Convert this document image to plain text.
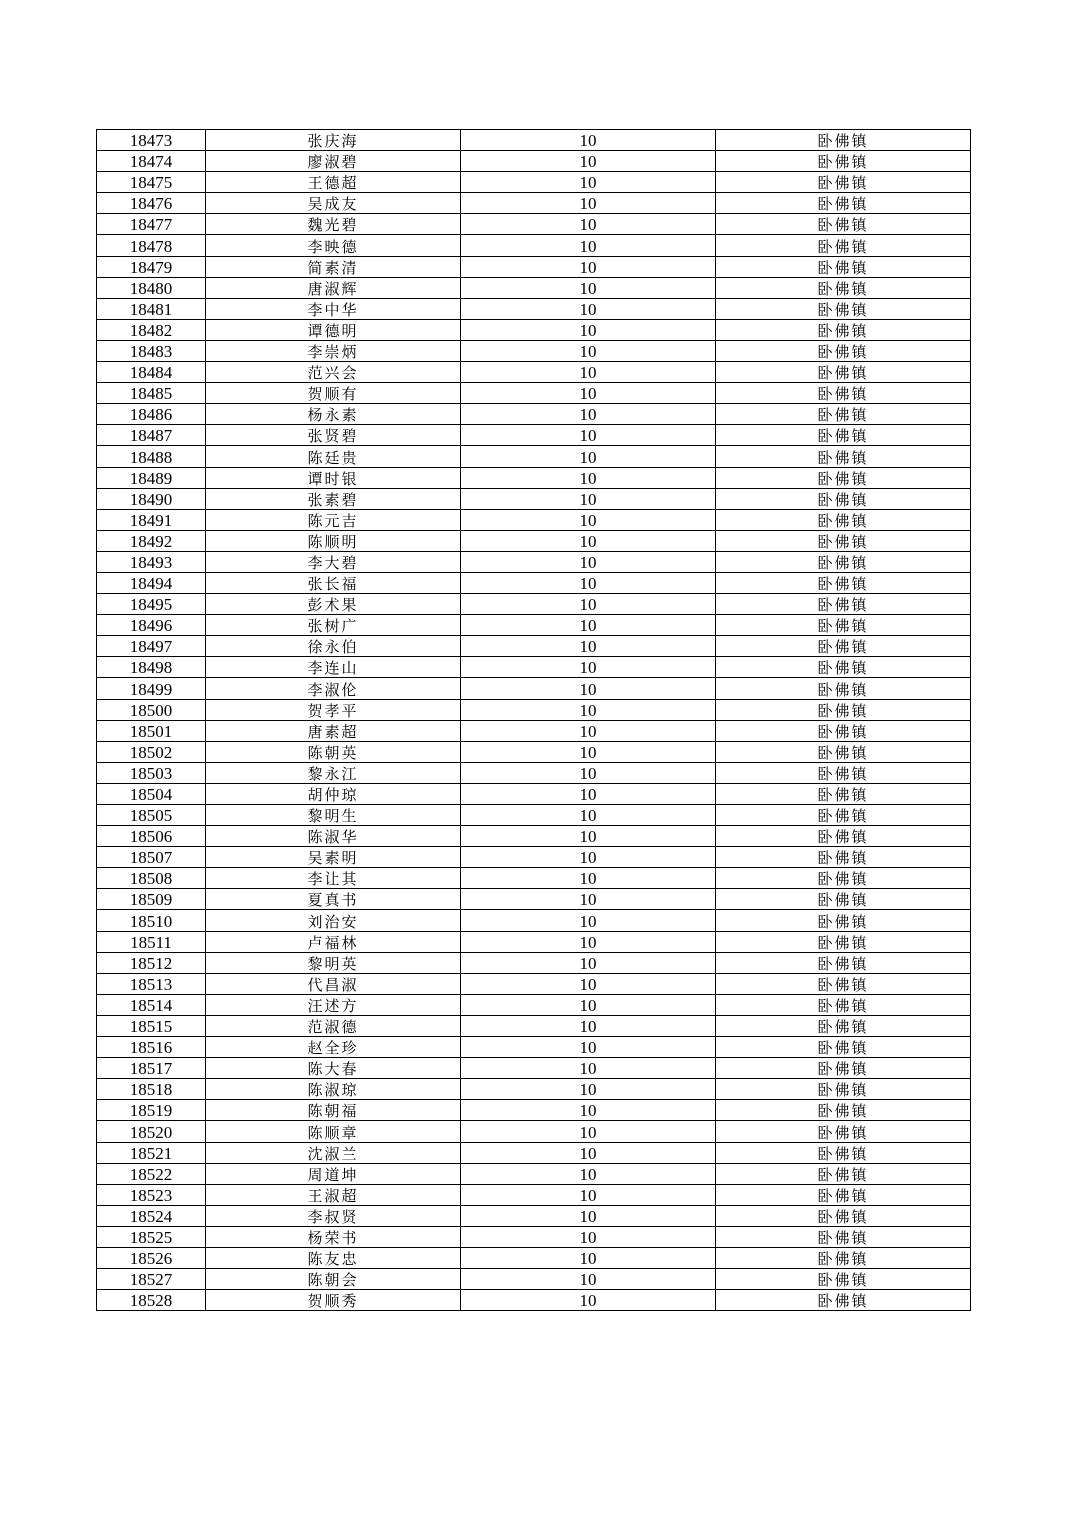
18473	张庆海	10	卧佛镇
18474	廖淑碧	10	卧佛镇
18475	王德超	10	卧佛镇
18476	吴成友	10	卧佛镇
18477	魏光碧	10	卧佛镇
18478	李映德	10	卧佛镇
18479	简素清	10	卧佛镇
18480	唐淑辉	10	卧佛镇
18481	李中华	10	卧佛镇
18482	谭德明	10	卧佛镇
18483	李崇炳	10	卧佛镇
18484	范兴会	10	卧佛镇
18485	贺顺有	10	卧佛镇
18486	杨永素	10	卧佛镇
18487	张贤碧	10	卧佛镇
18488	陈廷贵	10	卧佛镇
18489	谭时银	10	卧佛镇
18490	张素碧	10	卧佛镇
18491	陈元吉	10	卧佛镇
18492	陈顺明	10	卧佛镇
18493	李大碧	10	卧佛镇
18494	张长福	10	卧佛镇
18495	彭术果	10	卧佛镇
18496	张树广	10	卧佛镇
18497	徐永伯	10	卧佛镇
18498	李连山	10	卧佛镇
18499	李淑伦	10	卧佛镇
18500	贺孝平	10	卧佛镇
18501	唐素超	10	卧佛镇
18502	陈朝英	10	卧佛镇
18503	黎永江	10	卧佛镇
18504	胡仲琼	10	卧佛镇
18505	黎明生	10	卧佛镇
18506	陈淑华	10	卧佛镇
18507	吴素明	10	卧佛镇
18508	李让其	10	卧佛镇
18509	夏真书	10	卧佛镇
18510	刘治安	10	卧佛镇
18511	卢福林	10	卧佛镇
18512	黎明英	10	卧佛镇
18513	代昌淑	10	卧佛镇
18514	汪述方	10	卧佛镇
18515	范淑德	10	卧佛镇
18516	赵全珍	10	卧佛镇
18517	陈大春	10	卧佛镇
18518	陈淑琼	10	卧佛镇
18519	陈朝福	10	卧佛镇
18520	陈顺章	10	卧佛镇
18521	沈淑兰	10	卧佛镇
18522	周道坤	10	卧佛镇
18523	王淑超	10	卧佛镇
18524	李叔贤	10	卧佛镇
18525	杨荣书	10	卧佛镇
18526	陈友忠	10	卧佛镇
18527	陈朝会	10	卧佛镇
18528	贺顺秀	10	卧佛镇
